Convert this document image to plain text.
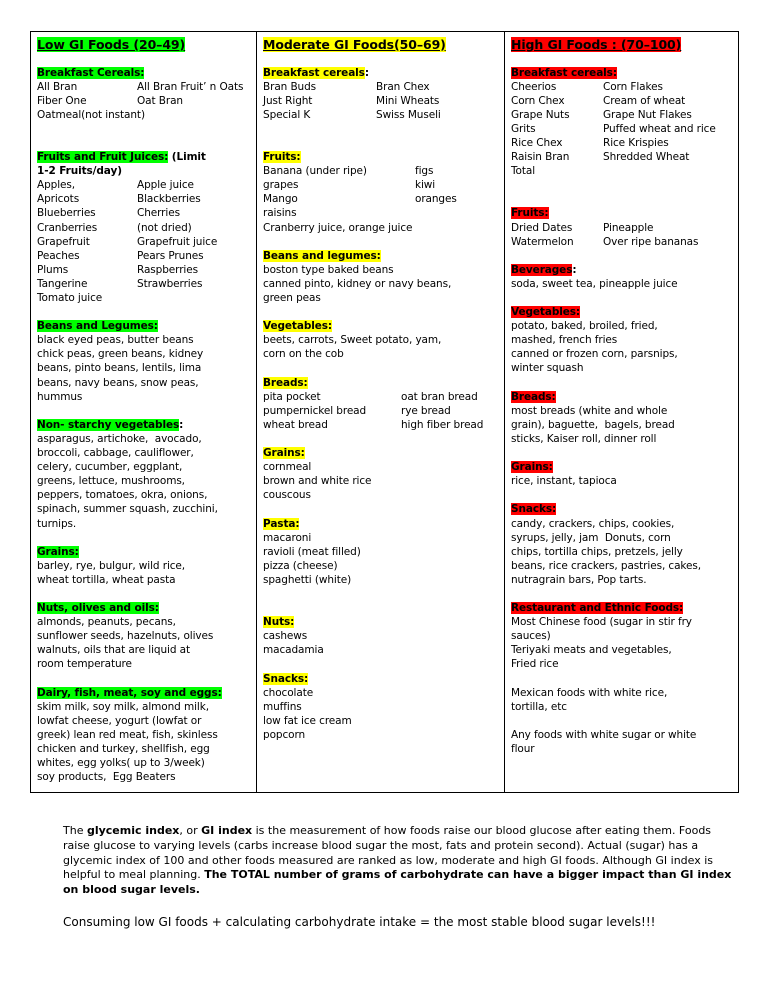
Low GI Foods (20–49)
Breakfast Cereals:
All Bran	All Bran Fruit’ n Oats
Fiber One	Oat Bran
Oatmeal(not instant)

Fruits and Fruit Juices: (Limit
1-2 Fruits/day)
Apples,	Apple juice
Apricots	Blackberries
Blueberries	Cherries
Cranberries	(not dried)
Grapefruit	Grapefruit juice
Peaches	Pears Prunes
Plums	Raspberries
Tangerine	Strawberries
Tomato juice
Beans and Legumes:
black eyed peas, butter beans
chick peas, green beans, kidney
beans, pinto beans, lentils, lima
beans, navy beans, snow peas,
hummus
Non- starchy vegetables:
asparagus, artichoke,  avocado,
broccoli, cabbage, cauliflower,
celery, cucumber, eggplant,
greens, lettuce, mushrooms,
peppers, tomatoes, okra, onions,
spinach, summer squash, zucchini,
turnips.
Grains:
barley, rye, bulgur, wild rice,
wheat tortilla, wheat pasta
Nuts, olives and oils:
almonds, peanuts, pecans,
sunflower seeds, hazelnuts, olives
walnuts, oils that are liquid at
room temperature
Dairy, fish, meat, soy and eggs:
skim milk, soy milk, almond milk,
lowfat cheese, yogurt (lowfat or
greek) lean red meat, fish, skinless
chicken and turkey, shellfish, egg
whites, egg yolks( up to 3/week)
soy products,  Egg Beaters

Moderate GI Foods(50–69)
Breakfast cereals:
Bran Buds	Bran Chex
Just Right	Mini Wheats
Special K	Swiss Museli

Fruits:
Banana (under ripe)	figs
grapes	kiwi
Mango	oranges
raisins
Cranberry juice, orange juice
Beans and legumes:
boston type baked beans
canned pinto, kidney or navy beans,
green peas
Vegetables:
beets, carrots, Sweet potato, yam,
corn on the cob
Breads:
pita pocket	oat bran bread
pumpernickel bread	rye bread
wheat bread	high fiber bread
Grains:
cornmeal
brown and white rice
couscous
Pasta:
macaroni
ravioli (meat filled)
pizza (cheese)
spaghetti (white)

Nuts:
cashews
macadamia
Snacks:
chocolate
muffins
low fat ice cream
popcorn

High GI Foods : (70–100)
Breakfast cereals:
Cheerios	Corn Flakes
Corn Chex	Cream of wheat
Grape Nuts	Grape Nut Flakes
Grits	Puffed wheat and rice
Rice Chex	Rice Krispies
Raisin Bran	Shredded Wheat
Total

Fruits:
Dried Dates	Pineapple
Watermelon	Over ripe bananas
Beverages:
soda, sweet tea, pineapple juice
Vegetables:
potato, baked, broiled, fried,
mashed, french fries
canned or frozen corn, parsnips,
winter squash
Breads:
most breads (white and whole
grain), baguette,  bagels, bread
sticks, Kaiser roll, dinner roll
Grains:
rice, instant, tapioca
Snacks:
candy, crackers, chips, cookies,
syrups, jelly, jam  Donuts, corn
chips, tortilla chips, pretzels, jelly
beans, rice crackers, pastries, cakes,
nutragrain bars, Pop tarts.
Restaurant and Ethnic Foods:
Most Chinese food (sugar in stir fry
sauces)
Teriyaki meats and vegetables,
Fried rice

Mexican foods with white rice,
tortilla, etc

Any foods with white sugar or white
flour

The glycemic index, or GI index is the measurement of how foods raise our blood glucose after eating them. Foods raise glucose to varying levels (carbs increase blood sugar the most, fats and protein second). Actual (sugar) has a glycemic index of 100 and other foods measured are ranked as low, moderate and high GI foods. Although GI index is helpful to meal planning. The TOTAL number of grams of carbohydrate can have a bigger impact than GI index on blood sugar levels.

Consuming low GI foods + calculating carbohydrate intake = the most stable blood sugar levels!!!
